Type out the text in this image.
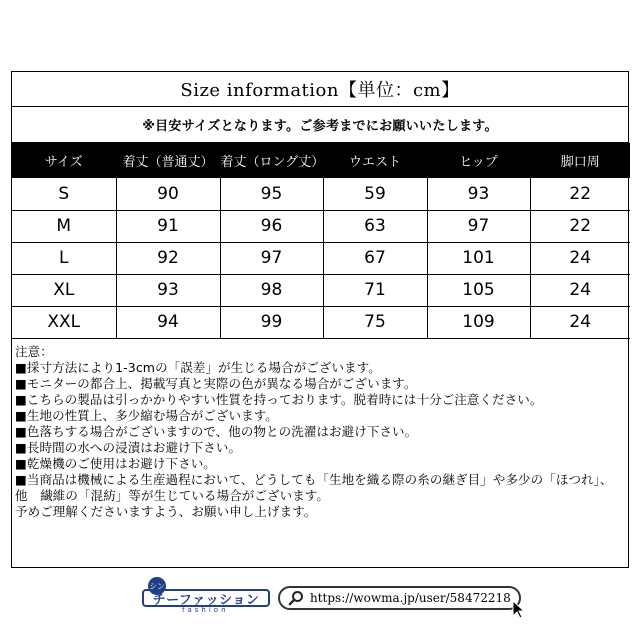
Size information【単位：cm】
※目安サイズとなります。ご参考までにお願いいたします。
サイズ	着丈（普通丈）	着丈（ロング丈）	ウエスト	ヒップ	脚口周
S	90	95	59	93	22
M	91	96	63	97	22
L	92	97	67	101	24
XL	93	98	71	105	24
XXL	94	99	75	109	24

注意：

■採寸方法により1-3cmの「誤差」が生じる場合がございます。

■モニターの都合上、掲載写真と実際の色が異なる場合がございます。

■こちらの製品は引っかかりやすい性質を持っております。脱着時には十分ご注意ください。

■生地の性質上、多少縮む場合がございます。

■色落ちする場合がございますので、他の物との洗濯はお避け下さい。

■長時間の水への浸漬はお避け下さい。

■乾燥機のご使用はお避け下さい。

■当商品は機械による生産過程において、どうしても「生地を織る際の糸の継ぎ目」や多少の「ほつれ」、他　繊維の「混紡」等が生じている場合がございます。

予めご理解くださいますよう、お願い申し上げます。

シン
チーファッション
fashion
https://wowma.jp/user/58472218
